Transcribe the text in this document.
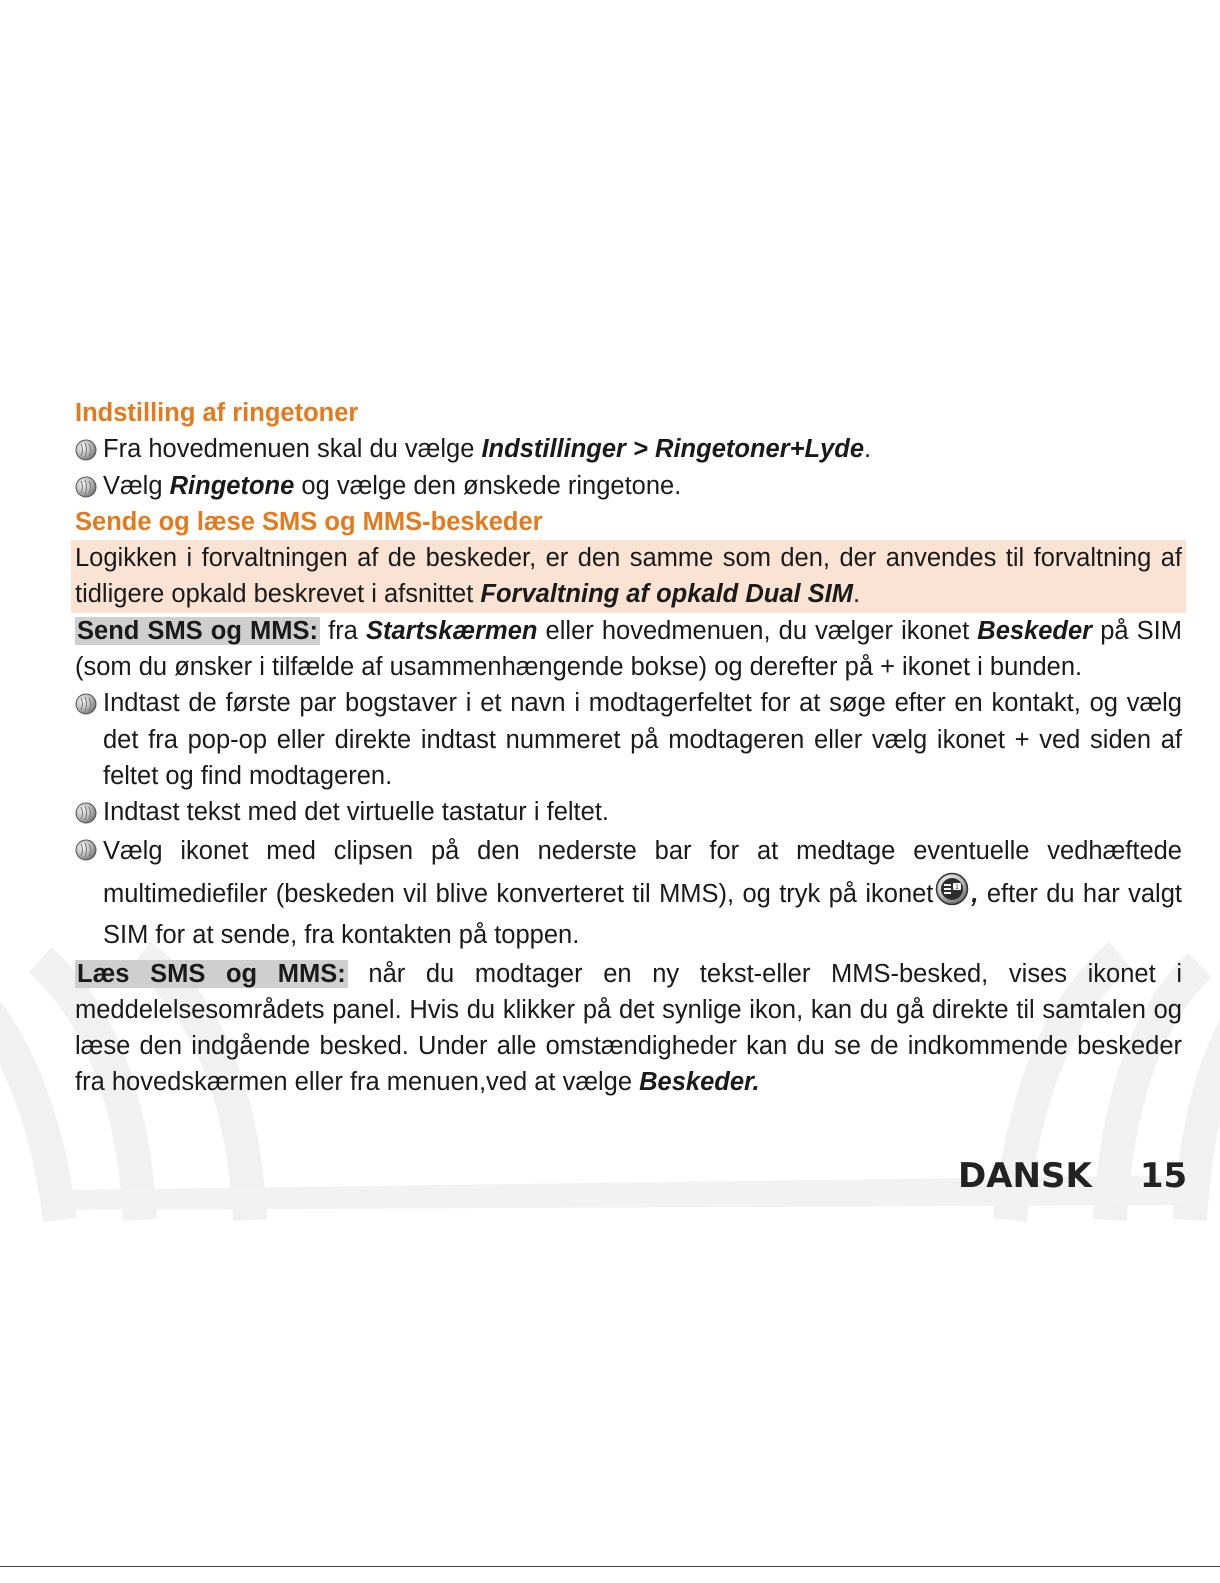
Indstilling af ringetoner
Fra hovedmenuen skal du vælge Indstillinger > Ringetoner+Lyde.
Vælg Ringetone og vælge den ønskede ringetone.
Sende og læse SMS og MMS-beskeder
Logikken i forvaltningen af de beskeder, er den samme som den, der anvendes til forvaltning af tidligere opkald beskrevet i afsnittet Forvaltning af opkald Dual SIM.
Send SMS og MMS: fra Startskærmen eller hovedmenuen, du vælger ikonet Beskeder på SIM (som du ønsker i tilfælde af usammenhængende bokse) og derefter på + ikonet i bunden.
Indtast de første par bogstaver i et navn i modtagerfeltet for at søge efter en kontakt, og vælg det fra pop-op eller direkte indtast nummeret på modtageren eller vælg ikonet + ved siden af feltet og find modtageren.
Indtast tekst med det virtuelle tastatur i feltet.
Vælg ikonet med clipsen på den nederste bar for at medtage eventuelle vedhæftede multimediefiler (beskeden vil blive konverteret til MMS), og tryk på ikonet	1 , efter du har valgt SIM for at sende, fra kontakten på toppen.
Læs SMS og MMS: når du modtager en ny tekst-eller MMS-besked, vises ikonet i meddelelsesområdets panel. Hvis du klikker på det synlige ikon, kan du gå direkte til samtalen og læse den indgående besked. Under alle omstændigheder kan du se de indkommende beskeder fra hovedskærmen eller fra menuen,ved at vælge Beskeder.
DANSK 15
